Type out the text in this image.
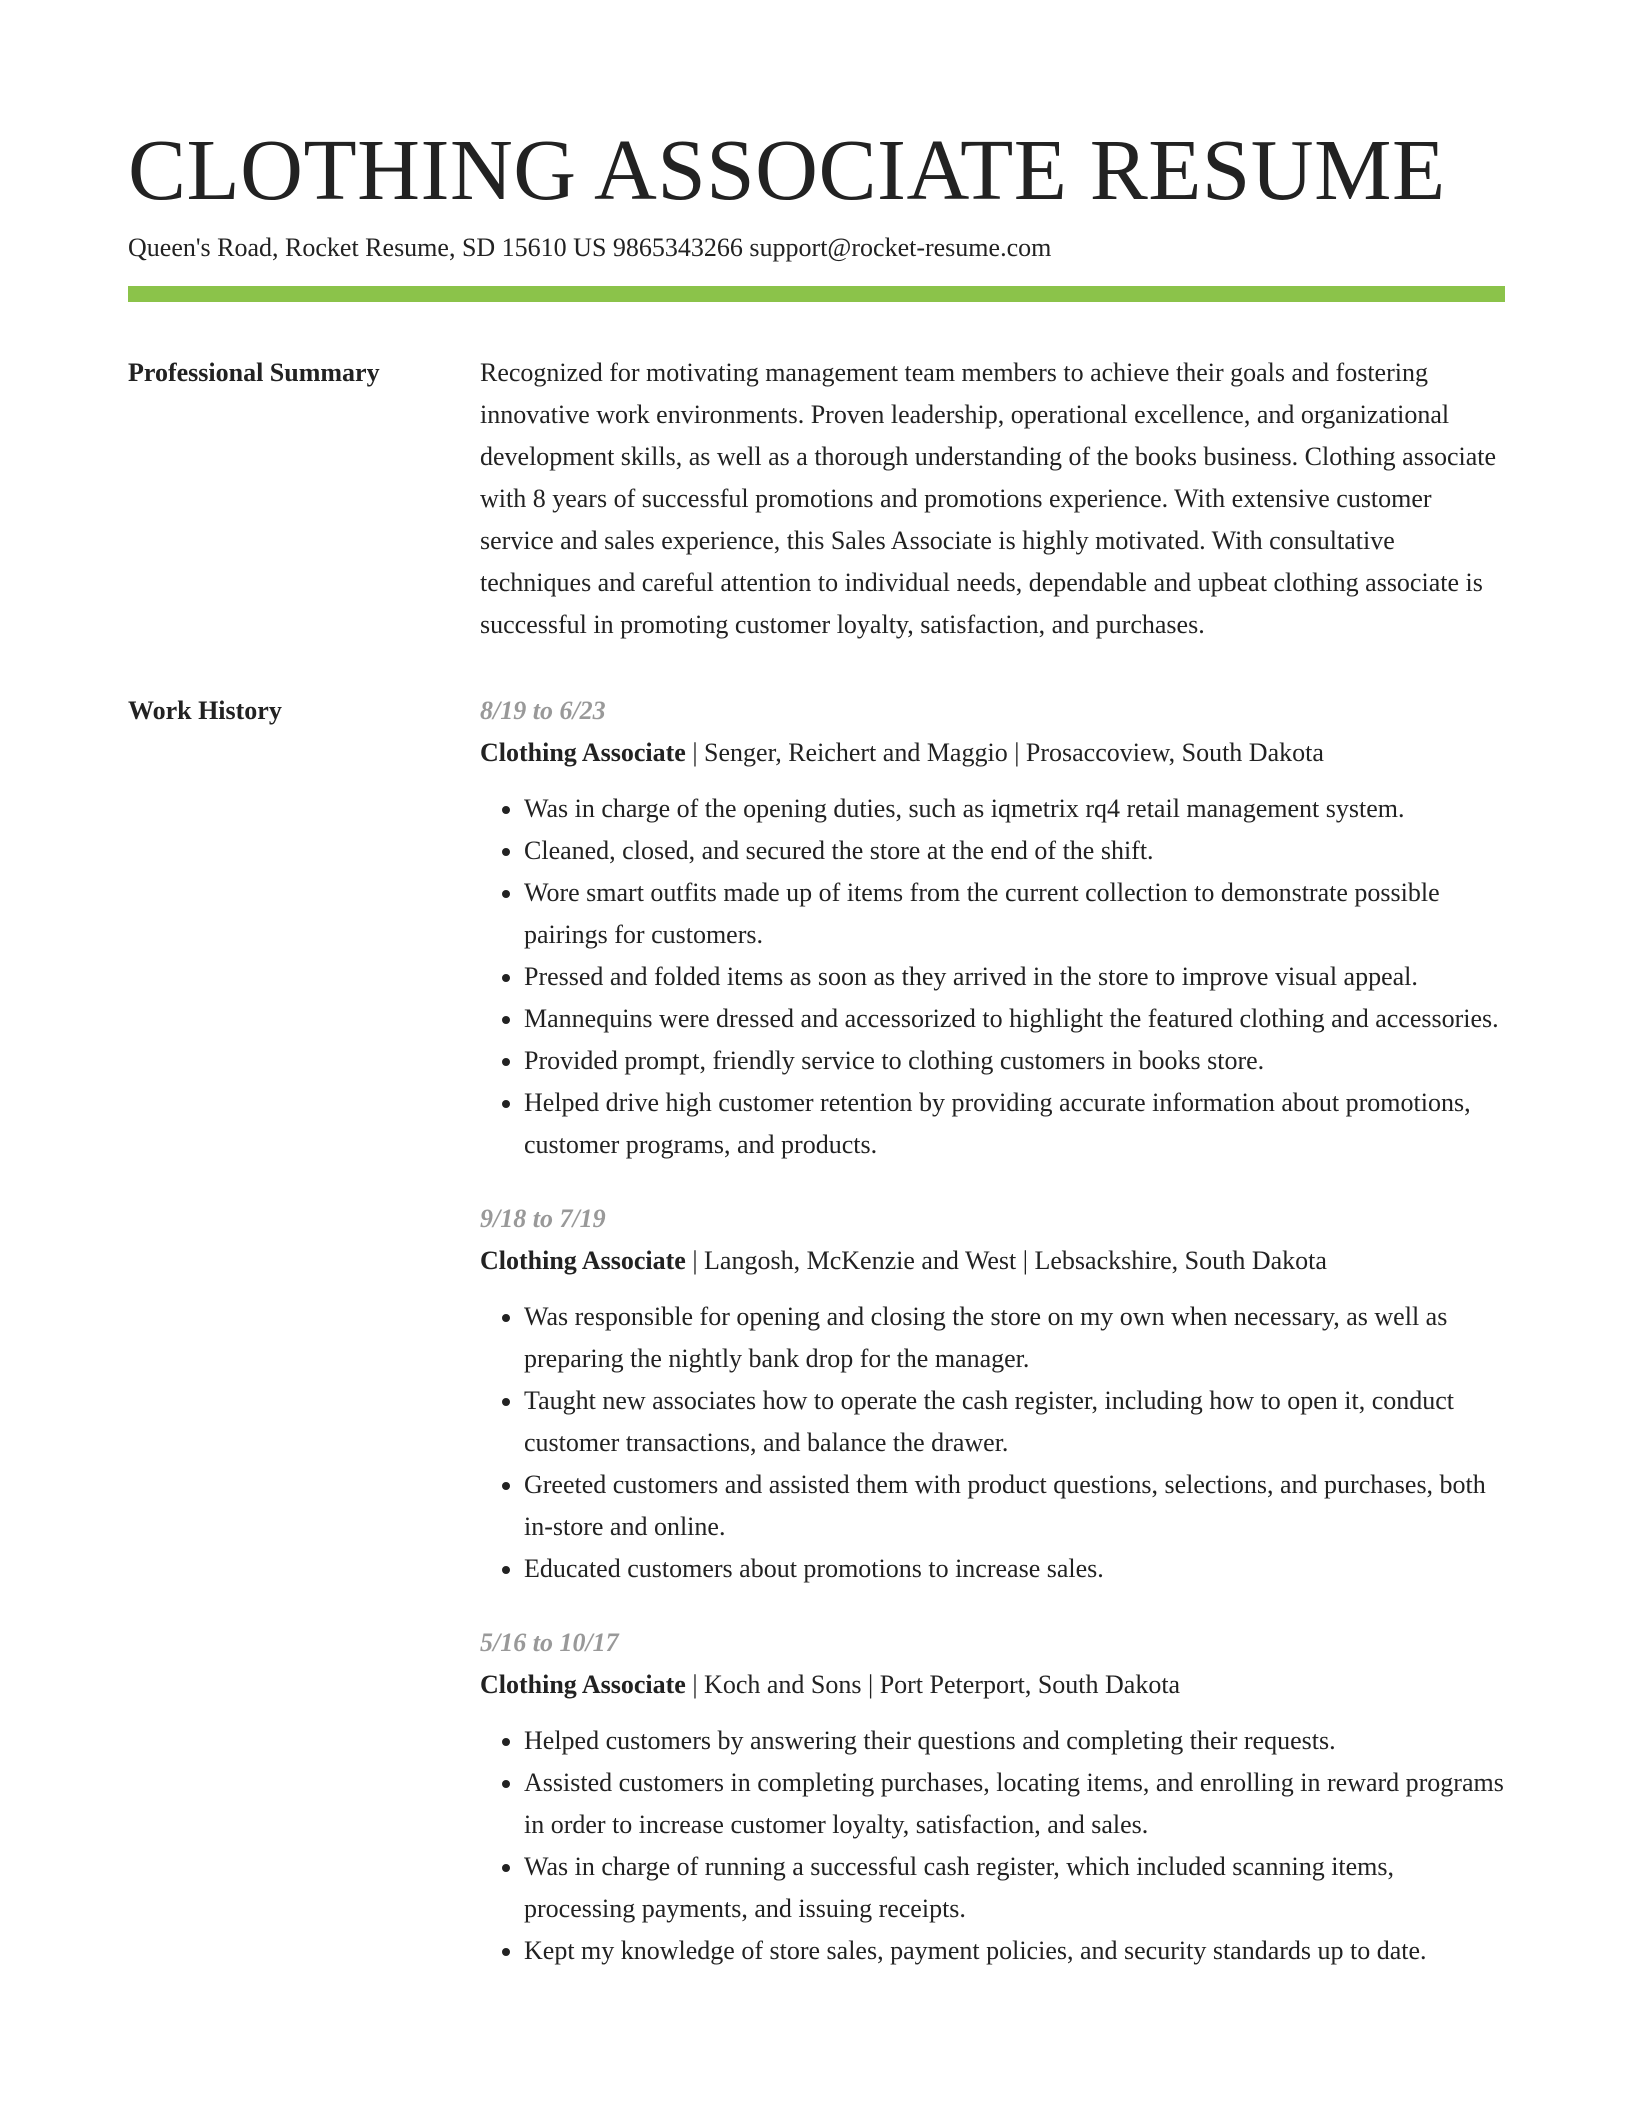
CLOTHING ASSOCIATE RESUME
Queen's Road, Rocket Resume, SD 15610 US 9865343266 support@rocket-resume.com
Professional Summary	Recognized for motivating management team members to achieve their goals and fostering innovative work environments. Proven leadership, operational excellence, and organizational development skills, as well as a thorough understanding of the books business. Clothing associate with 8 years of successful promotions and promotions experience. With extensive customer service and sales experience, this Sales Associate is highly motivated. With consultative techniques and careful attention to individual needs, dependable and upbeat clothing associate is successful in promoting customer loyalty, satisfaction, and purchases.

Work History	8/19 to 6/23
Clothing Associate | Senger, Reichert and Maggio | Prosaccoview, South Dakota
• Was in charge of the opening duties, such as iqmetrix rq4 retail management system.
• Cleaned, closed, and secured the store at the end of the shift.
• Wore smart outfits made up of items from the current collection to demonstrate possible pairings for customers.
• Pressed and folded items as soon as they arrived in the store to improve visual appeal.
• Mannequins were dressed and accessorized to highlight the featured clothing and accessories.
• Provided prompt, friendly service to clothing customers in books store.
• Helped drive high customer retention by providing accurate information about promotions, customer programs, and products.
9/18 to 7/19
Clothing Associate | Langosh, McKenzie and West | Lebsackshire, South Dakota
• Was responsible for opening and closing the store on my own when necessary, as well as preparing the nightly bank drop for the manager.
• Taught new associates how to operate the cash register, including how to open it, conduct customer transactions, and balance the drawer.
• Greeted customers and assisted them with product questions, selections, and purchases, both in-store and online.
• Educated customers about promotions to increase sales.
5/16 to 10/17
Clothing Associate | Koch and Sons | Port Peterport, South Dakota
• Helped customers by answering their questions and completing their requests.
• Assisted customers in completing purchases, locating items, and enrolling in reward programs in order to increase customer loyalty, satisfaction, and sales.
• Was in charge of running a successful cash register, which included scanning items, processing payments, and issuing receipts.
• Kept my knowledge of store sales, payment policies, and security standards up to date.
